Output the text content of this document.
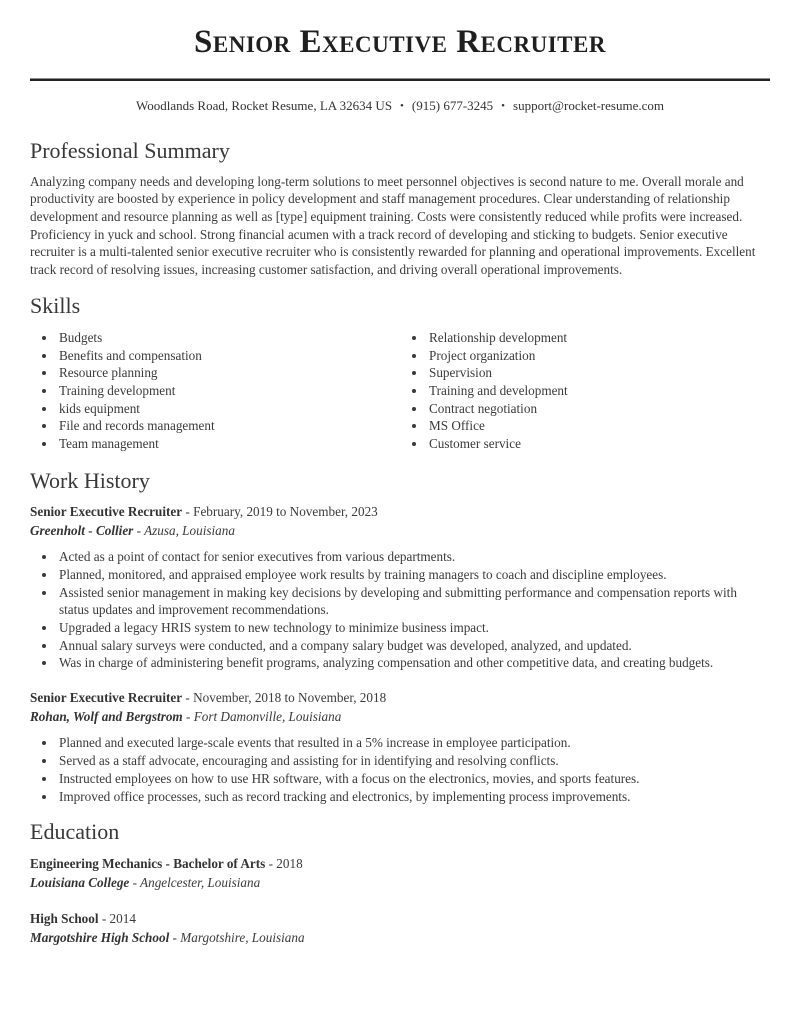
Senior Executive Recruiter
Woodlands Road, Rocket Resume, LA 32634 US • (915) 677-3245 • support@rocket-resume.com
Professional Summary

Analyzing company needs and developing long-term solutions to meet personnel objectives is second nature to me. Overall morale and productivity are boosted by experience in policy development and staff management procedures. Clear understanding of relationship development and resource planning as well as [type] equipment training. Costs were consistently reduced while profits were increased. Proficiency in yuck and school. Strong financial acumen with a track record of developing and sticking to budgets. Senior executive recruiter is a multi-talented senior executive recruiter who is consistently rewarded for planning and operational improvements. Excellent track record of resolving issues, increasing customer satisfaction, and driving overall operational improvements.

Skills
• Budgets
• Benefits and compensation
• Resource planning
• Training development
• kids equipment
• File and records management
• Team management
• Relationship development
• Project organization
• Supervision
• Training and development
• Contract negotiation
• MS Office
• Customer service
Work History

Senior Executive Recruiter - February, 2019 to November, 2023

Greenholt - Collier - Azusa, Louisiana

• Acted as a point of contact for senior executives from various departments.
• Planned, monitored, and appraised employee work results by training managers to coach and discipline employees.
• Assisted senior management in making key decisions by developing and submitting performance and compensation reports with status updates and improvement recommendations.
• Upgraded a legacy HRIS system to new technology to minimize business impact.
• Annual salary surveys were conducted, and a company salary budget was developed, analyzed, and updated.
• Was in charge of administering benefit programs, analyzing compensation and other competitive data, and creating budgets.

Senior Executive Recruiter - November, 2018 to November, 2018

Rohan, Wolf and Bergstrom - Fort Damonville, Louisiana

• Planned and executed large-scale events that resulted in a 5% increase in employee participation.
• Served as a staff advocate, encouraging and assisting for in identifying and resolving conflicts.
• Instructed employees on how to use HR software, with a focus on the electronics, movies, and sports features.
• Improved office processes, such as record tracking and electronics, by implementing process improvements.
Education

Engineering Mechanics - Bachelor of Arts - 2018

Louisiana College - Angelcester, Louisiana

High School - 2014

Margotshire High School - Margotshire, Louisiana
